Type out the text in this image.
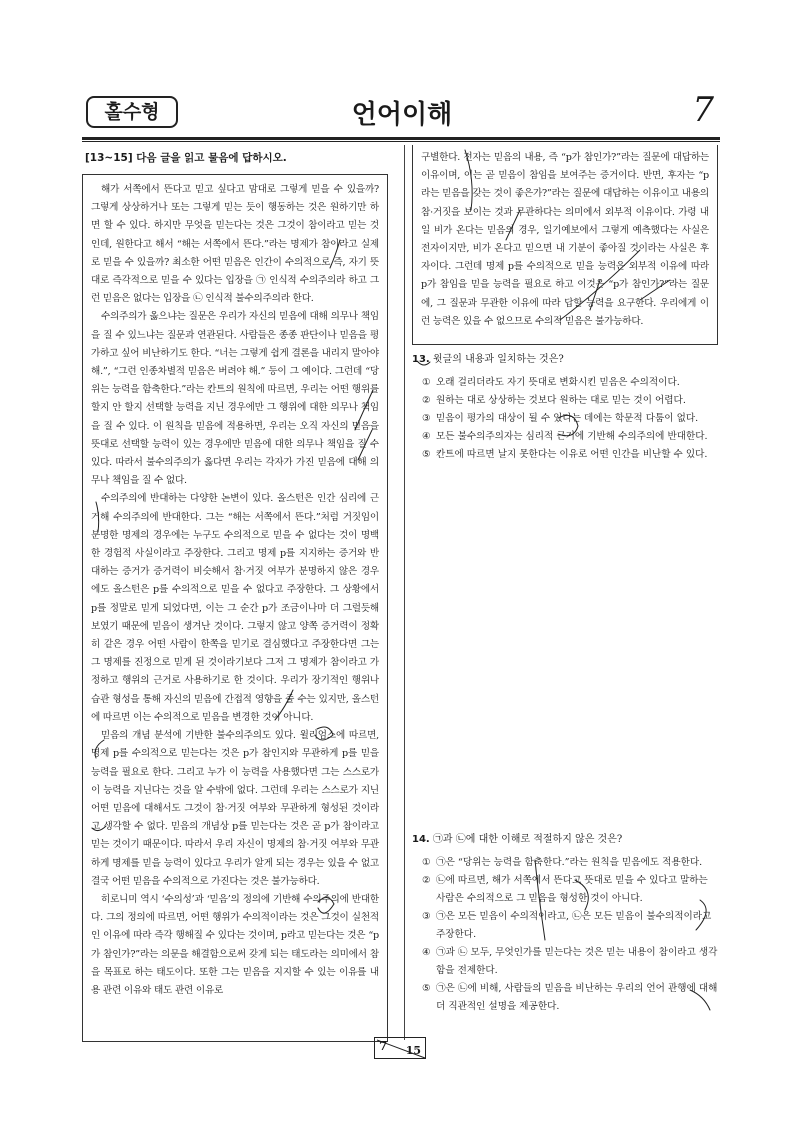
홀수형	언어이해	7
[13~15] 다음 글을 읽고 물음에 답하시오.

해가 서쪽에서 뜬다고 믿고 싶다고 맘대로 그렇게 믿을 수 있을까? 그렇게 상상하거나 또는 그렇게 믿는 듯이 행동하는 것은 원하기만 하면 할 수 있다. 하지만 무엇을 믿는다는 것은 그것이 참이라고 믿는 것인데, 원한다고 해서 “해는 서쪽에서 뜬다.”라는 명제가 참이라고 실제로 믿을 수 있을까? 최소한 어떤 믿음은 인간이 수의적으로 즉, 자기 뜻대로 즉각적으로 믿을 수 있다는 입장을 ㉠ 인식적 수의주의라 하고 그런 믿음은 없다는 입장을 ㉡ 인식적 불수의주의라 한다.

수의주의가 옳으냐는 질문은 우리가 자신의 믿음에 대해 의무나 책임을 질 수 있느냐는 질문과 연관된다. 사람들은 종종 판단이나 믿음을 평가하고 싶어 비난하기도 한다. “너는 그렇게 쉽게 결론을 내리지 말아야 해.”, “그런 인종차별적 믿음은 버려야 해.” 등이 그 예이다. 그런데 “당위는 능력을 함축한다.”라는 칸트의 원칙에 따르면, 우리는 어떤 행위를 할지 안 할지 선택할 능력을 지닌 경우에만 그 행위에 대한 의무나 책임을 질 수 있다. 이 원칙을 믿음에 적용하면, 우리는 오직 자신의 믿음을 뜻대로 선택할 능력이 있는 경우에만 믿음에 대한 의무나 책임을 질 수 있다. 따라서 불수의주의가 옳다면 우리는 각자가 가진 믿음에 대해 의무나 책임을 질 수 없다.

수의주의에 반대하는 다양한 논변이 있다. 올스턴은 인간 심리에 근거해 수의주의에 반대한다. 그는 “해는 서쪽에서 뜬다.”처럼 거짓임이 분명한 명제의 경우에는 누구도 수의적으로 믿을 수 없다는 것이 명백한 경험적 사실이라고 주장한다. 그리고 명제 p를 지지하는 증거와 반대하는 증거가 증거력이 비슷해서 참·거짓 여부가 분명하지 않은 경우에도 올스턴은 p를 수의적으로 믿을 수 없다고 주장한다. 그 상황에서 p를 정말로 믿게 되었다면, 이는 그 순간 p가 조금이나마 더 그럴듯해 보였기 때문에 믿음이 생겨난 것이다. 그렇지 않고 양쪽 증거력이 정확히 같은 경우 어떤 사람이 한쪽을 믿기로 결심했다고 주장한다면 그는 그 명제를 진정으로 믿게 된 것이라기보다 그저 그 명제가 참이라고 가정하고 행위의 근거로 사용하기로 한 것이다. 우리가 장기적인 행위나 습관 형성을 통해 자신의 믿음에 간접적 영향을 줄 수는 있지만, 올스턴에 따르면 이는 수의적으로 믿음을 변경한 것이 아니다.

믿음의 개념 분석에 기반한 불수의주의도 있다. 윌리엄스에 따르면, 명제 p를 수의적으로 믿는다는 것은 p가 참인지와 무관하게 p를 믿을 능력을 필요로 한다. 그리고 누가 이 능력을 사용했다면 그는 스스로가 이 능력을 지닌다는 것을 알 수밖에 없다. 그런데 우리는 스스로가 지닌 어떤 믿음에 대해서도 그것이 참·거짓 여부와 무관하게 형성된 것이라고 생각할 수 없다. 믿음의 개념상 p를 믿는다는 것은 곧 p가 참이라고 믿는 것이기 때문이다. 따라서 우리 자신이 명제의 참·거짓 여부와 무관하게 명제를 믿을 능력이 있다고 우리가 알게 되는 경우는 있을 수 없고 결국 어떤 믿음을 수의적으로 가진다는 것은 불가능하다.

히로니미 역시 ‘수의성’과 ‘믿음’의 정의에 기반해 수의주의에 반대한다. 그의 정의에 따르면, 어떤 행위가 수의적이라는 것은 그것이 실천적인 이유에 따라 즉각 행해질 수 있다는 것이며, p라고 믿는다는 것은 “p가 참인가?”라는 의문을 해결함으로써 갖게 되는 태도라는 의미에서 참을 목표로 하는 태도이다. 또한 그는 믿음을 지지할 수 있는 이유를 내용 관련 이유와 태도 관련 이유로

구별한다. 전자는 믿음의 내용, 즉 “p가 참인가?”라는 질문에 대답하는 이유이며, 이는 곧 믿음이 참임을 보여주는 증거이다. 반면, 후자는 “p라는 믿음을 갖는 것이 좋은가?”라는 질문에 대답하는 이유이고 내용의 참·거짓을 보이는 것과 무관하다는 의미에서 외부적 이유이다. 가령 내일 비가 온다는 믿음의 경우, 일기예보에서 그렇게 예측했다는 사실은 전자이지만, 비가 온다고 믿으면 내 기분이 좋아질 것이라는 사실은 후자이다. 그런데 명제 p를 수의적으로 믿을 능력은 외부적 이유에 따라 p가 참임을 믿을 능력을 필요로 하고 이것은 “p가 참인가?”라는 질문에, 그 질문과 무관한 이유에 따라 답할 능력을 요구한다. 우리에게 이런 능력은 있을 수 없으므로 수의적 믿음은 불가능하다.

13. 윗글의 내용과 일치하는 것은?
① 오래 걸리더라도 자기 뜻대로 변화시킨 믿음은 수의적이다.
② 원하는 대로 상상하는 것보다 원하는 대로 믿는 것이 어렵다.
③ 믿음이 평가의 대상이 될 수 있다는 데에는 학문적 다툼이 없다.
④ 모든 불수의주의자는 심리적 근거에 기반해 수의주의에 반대한다.
⑤ 칸트에 따르면 날지 못한다는 이유로 어떤 인간을 비난할 수 있다.
14. ㉠과 ㉡에 대한 이해로 적절하지 않은 것은?
① ㉠은 “당위는 능력을 함축한다.”라는 원칙을 믿음에도 적용한다.
② ㉡에 따르면, 해가 서쪽에서 뜬다고 뜻대로 믿을 수 있다고 말하는 사람은 수의적으로 그 믿음을 형성한 것이 아니다.
③ ㉠은 모든 믿음이 수의적이라고, ㉡은 모든 믿음이 불수의적이라고 주장한다.
④ ㉠과 ㉡ 모두, 무엇인가를 믿는다는 것은 믿는 내용이 참이라고 생각함을 전제한다.
⑤ ㉠은 ㉡에 비해, 사람들의 믿음을 비난하는 우리의 언어 관행에 대해 더 직관적인 설명을 제공한다.
7 15
